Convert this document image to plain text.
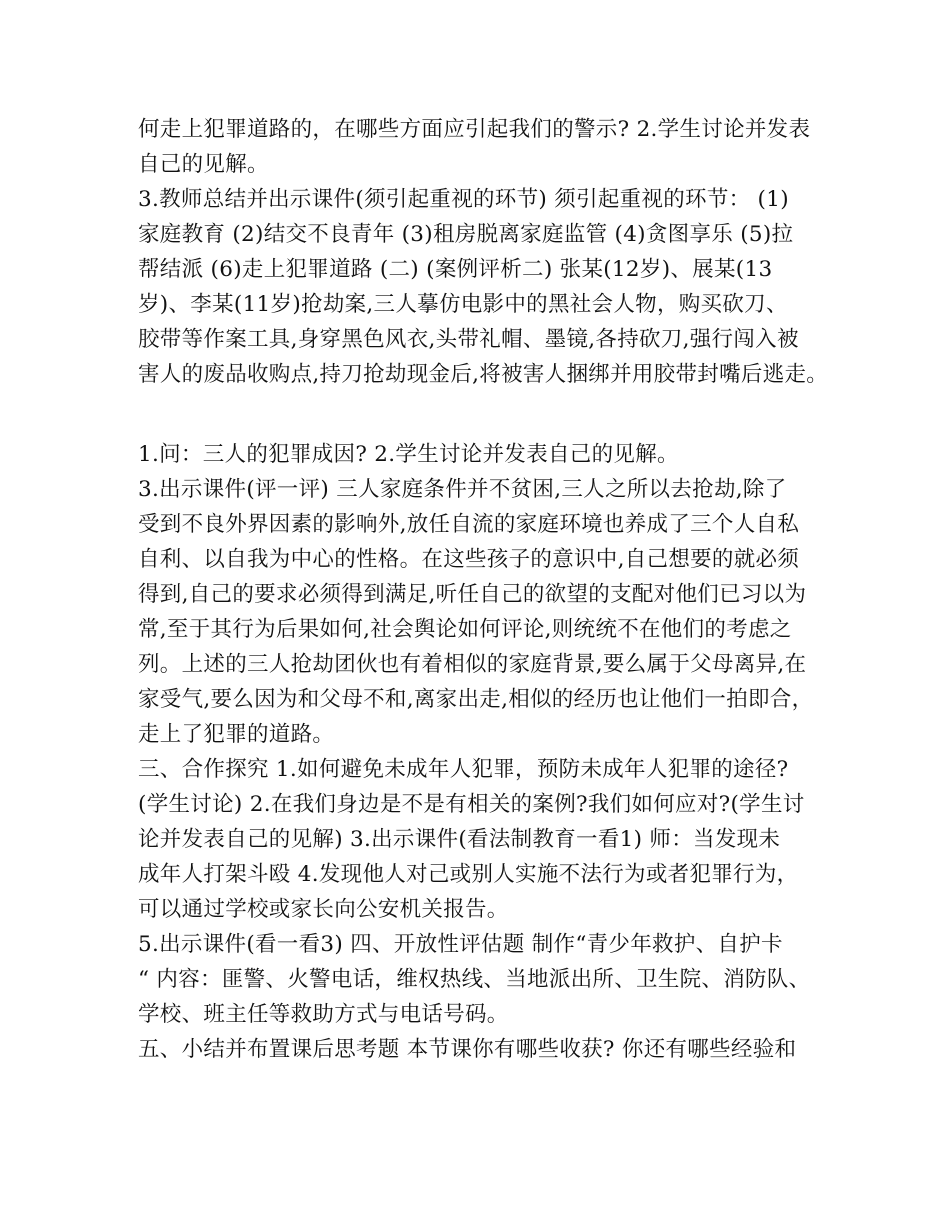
何走上犯罪道路的，在哪些方面应引起我们的警示? 2.学生讨论并发表
自己的见解。
3.教师总结并出示课件(须引起重视的环节) 须引起重视的环节： (1)
家庭教育 (2)结交不良青年 (3)租房脱离家庭监管 (4)贪图享乐 (5)拉
帮结派 (6)走上犯罪道路 (二) (案例评析二) 张某(12岁)、展某(13
岁)、李某(11岁)抢劫案,三人摹仿电影中的黑社会人物，购买砍刀、
胶带等作案工具,身穿黑色风衣,头带礼帽、墨镜,各持砍刀,强行闯入被
害人的废品收购点,持刀抢劫现金后,将被害人捆绑并用胶带封嘴后逃走。
1.问：三人的犯罪成因? 2.学生讨论并发表自己的见解。
3.出示课件(评一评) 三人家庭条件并不贫困,三人之所以去抢劫,除了
受到不良外界因素的影响外,放任自流的家庭环境也养成了三个人自私
自利、以自我为中心的性格。在这些孩子的意识中,自己想要的就必须
得到,自己的要求必须得到满足,听任自己的欲望的支配对他们已习以为
常,至于其行为后果如何,社会舆论如何评论,则统统不在他们的考虑之
列。上述的三人抢劫团伙也有着相似的家庭背景,要么属于父母离异,在
家受气,要么因为和父母不和,离家出走,相似的经历也让他们一拍即合，
走上了犯罪的道路。
三、合作探究 1.如何避免未成年人犯罪，预防未成年人犯罪的途径?
(学生讨论) 2.在我们身边是不是有相关的案例?我们如何应对?(学生讨
论并发表自己的见解) 3.出示课件(看法制教育一看1) 师：当发现未
成年人打架斗殴 4.发现他人对己或别人实施不法行为或者犯罪行为，
可以通过学校或家长向公安机关报告。
5.出示课件(看一看3) 四、开放性评估题 制作“青少年救护、自护卡
“ 内容：匪警、火警电话，维权热线、当地派出所、卫生院、消防队、
学校、班主任等救助方式与电话号码。
五、小结并布置课后思考题 本节课你有哪些收获? 你还有哪些经验和
